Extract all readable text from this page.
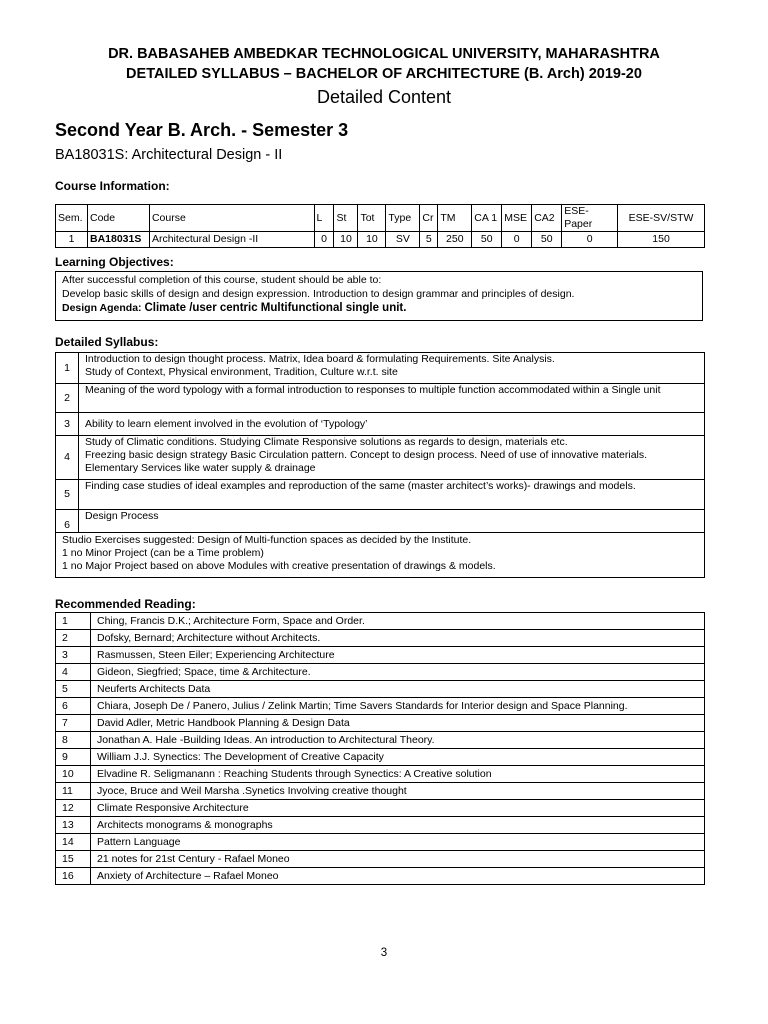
DR. BABASAHEB AMBEDKAR TECHNOLOGICAL UNIVERSITY, MAHARASHTRA
DETAILED SYLLABUS – BACHELOR OF ARCHITECTURE (B. Arch) 2019-20
Detailed Content
Second Year B. Arch. - Semester 3
BA18031S: Architectural Design - II
Course Information:
Sem.	Code	Course	L	St	Tot	Type	Cr	TM	CA 1	MSE	CA2	ESE-Paper	ESE-SV/STW
1	BA18031S	Architectural Design -II	0	10	10	SV	5	250	50	0	50	0	150
Learning Objectives:
After successful completion of this course, student should be able to:
Develop basic skills of design and design expression. Introduction to design grammar and principles of design.
Design Agenda: Climate /user centric Multifunctional single unit.
Detailed Syllabus:
1	Introduction to design thought process. Matrix, Idea board & formulating Requirements. Site Analysis.
Study of Context, Physical environment, Tradition, Culture w.r.t. site

2	Meaning of the word typology with a formal introduction to responses to multiple function accommodated within a Single unit
3	Ability to learn element involved in the evolution of ‘Typology’
4	Study of Climatic conditions. Studying Climate Responsive solutions as regards to design, materials etc.
Freezing basic design strategy Basic Circulation pattern. Concept to design process. Need of use of innovative materials. Elementary Services like water supply & drainage

5	Finding case studies of ideal examples and reproduction of the same (master architect’s works)- drawings and models.
6	Design Process

Studio Exercises suggested: Design of Multi-function spaces as decided by the Institute.
1 no Minor Project (can be a Time problem)
1 no Major Project based on above Modules with creative presentation of drawings & models.	
Recommended Reading:
1	Ching, Francis D.K.; Architecture Form, Space and Order.
2	Dofsky, Bernard; Architecture without Architects.
3	Rasmussen, Steen Eiler; Experiencing Architecture
4	Gideon, Siegfried; Space, time & Architecture.
5	Neuferts Architects Data
6	Chiara, Joseph De / Panero, Julius / Zelink Martin; Time Savers Standards for Interior design and Space Planning.
7	David Adler, Metric Handbook Planning & Design Data
8	Jonathan A. Hale -Building Ideas. An introduction to Architectural Theory.
9	William J.J. Synectics: The Development of Creative Capacity
10	Elvadine R. Seligmanann : Reaching Students through Synectics: A Creative solution
11	Jyoce, Bruce and Weil Marsha .Synetics Involving creative thought
12	Climate Responsive Architecture
13	Architects monograms & monographs
14	Pattern Language
15	21 notes for 21st Century - Rafael Moneo
16	Anxiety of Architecture – Rafael Moneo
3
